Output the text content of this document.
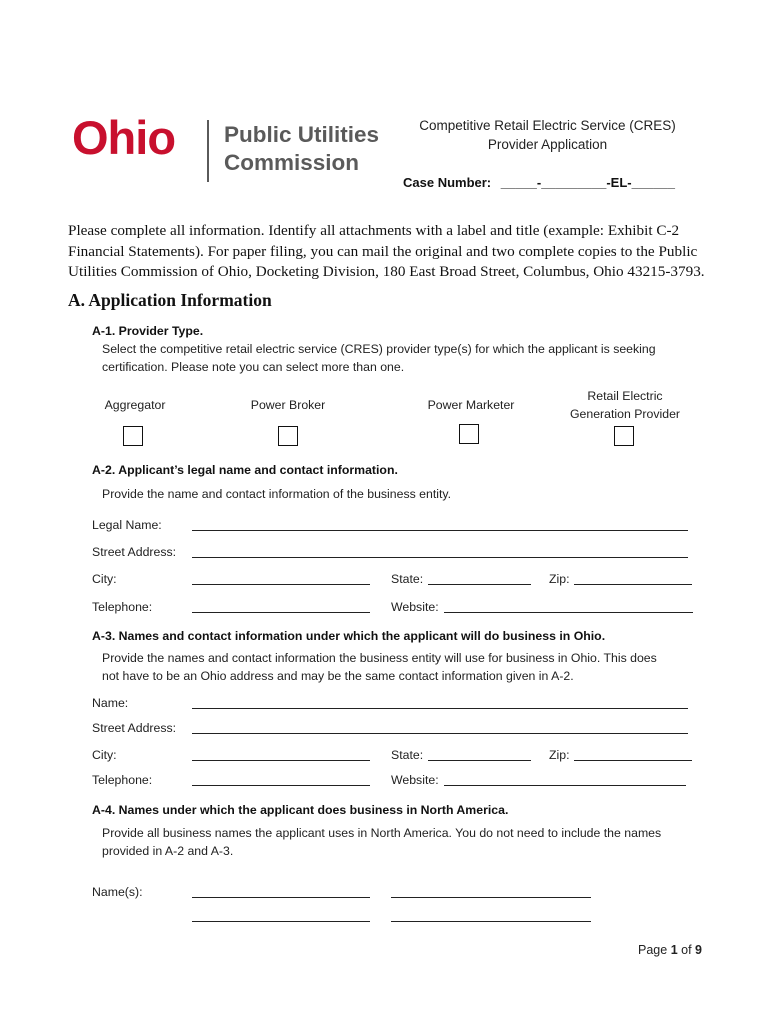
Ohio Public Utilities
Commission
Competitive Retail Electric Service (CRES)
Provider Application
Case Number: _____-_________-EL-______
Please complete all information. Identify all attachments with a label and title (example: Exhibit C-2 Financial Statements). For paper filing, you can mail the original and two complete copies to the Public Utilities Commission of Ohio, Docketing Division, 180 East Broad Street, Columbus, Ohio 43215-3793.
A. Application Information
A-1. Provider Type.
Select the competitive retail electric service (CRES) provider type(s) for which the applicant is seeking
certification. Please note you can select more than one.
Aggregator	Power Broker	Power Marketer
Retail Electric
Generation Provider
A-2. Applicant’s legal name and contact information.
Provide the name and contact information of the business entity.
Legal Name:
Street Address:
City:	State:	Zip:
Telephone:	Website:
A-3. Names and contact information under which the applicant will do business in Ohio.
Provide the names and contact information the business entity will use for business in Ohio. This does
not have to be an Ohio address and may be the same contact information given in A-2.
Name:
Street Address:
City:	State:	Zip:
Telephone:	Website:
A-4. Names under which the applicant does business in North America.
Provide all business names the applicant uses in North America. You do not need to include the names
provided in A-2 and A-3.
Name(s):
Page 1 of 9
